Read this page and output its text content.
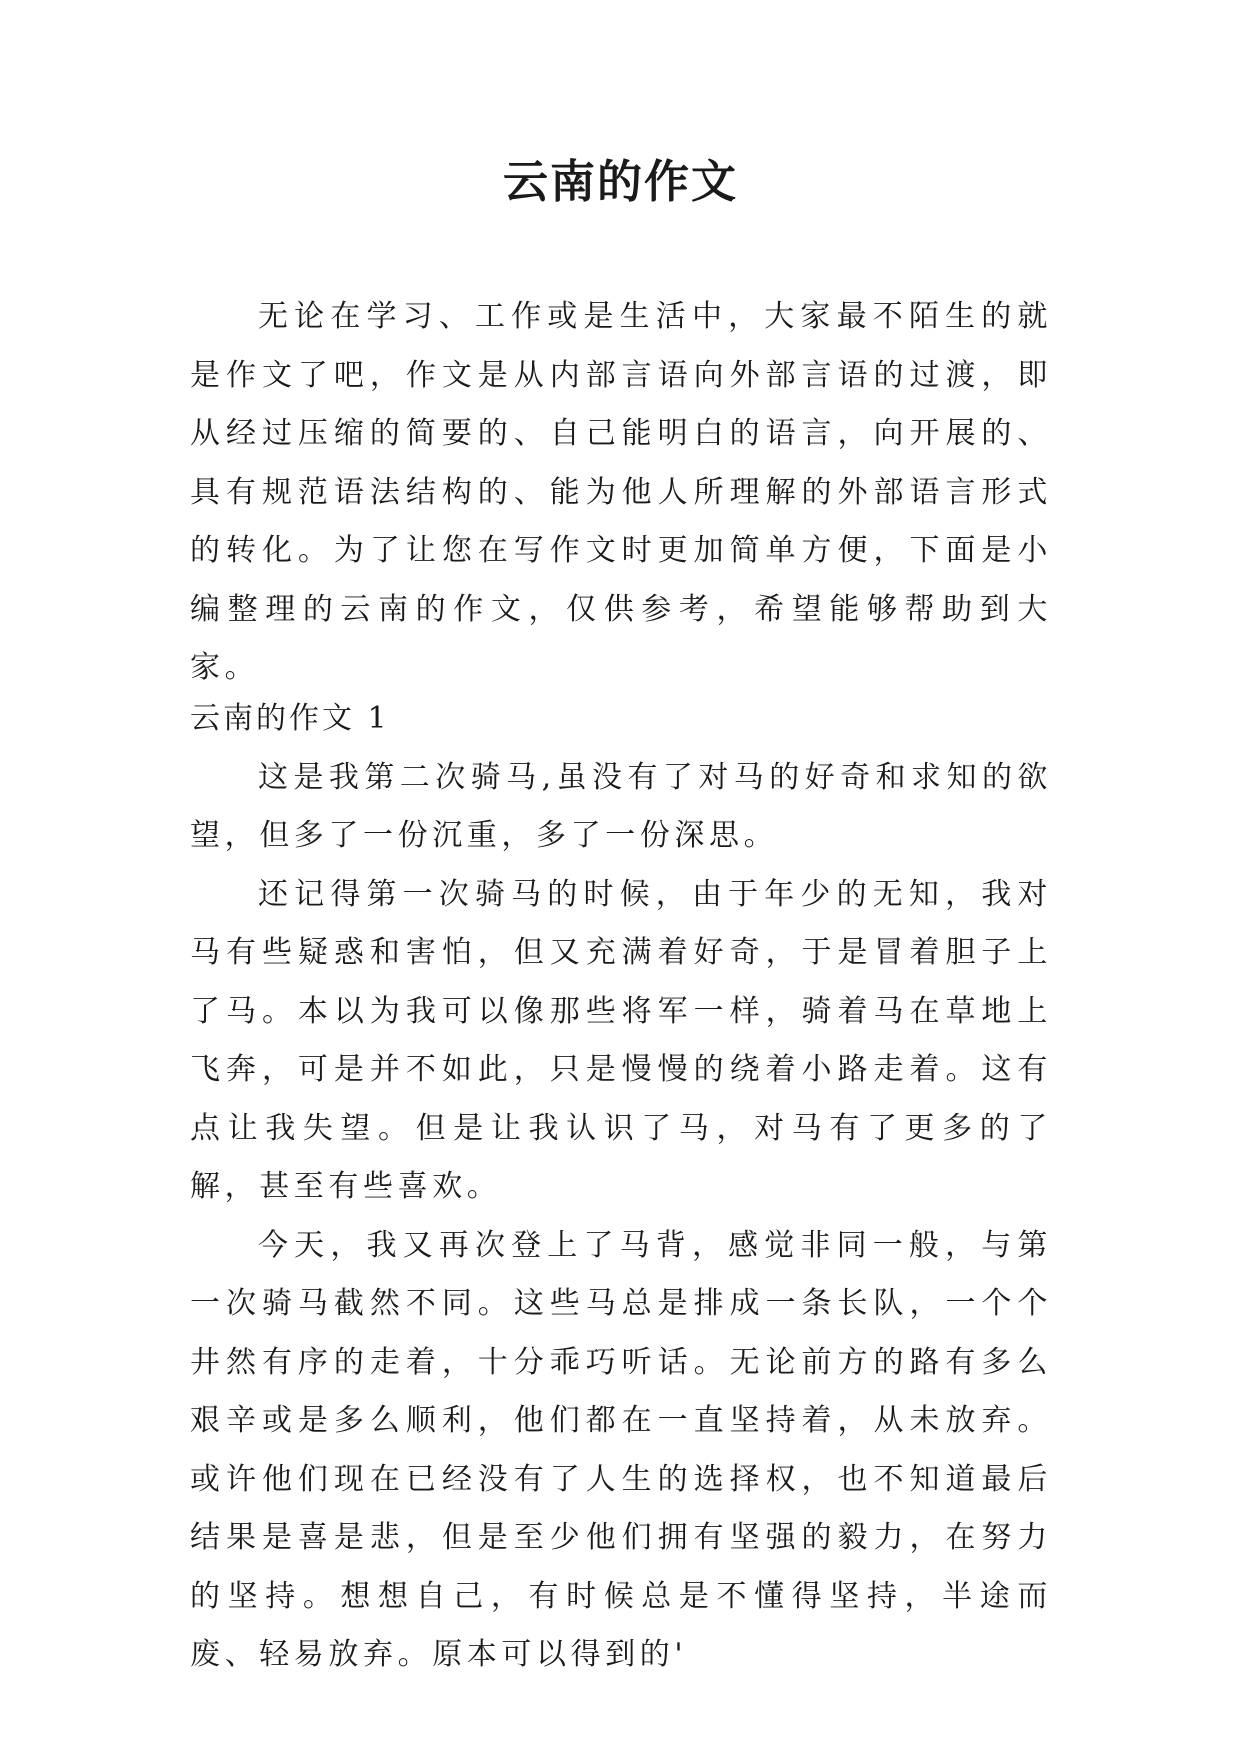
云南的作文

无论在学习、工作或是生活中，大家最不陌生的就是作文了吧，作文是从内部言语向外部言语的过渡，即从经过压缩的简要的、自己能明白的语言，向开展的、具有规范语法结构的、能为他人所理解的外部语言形式的转化。为了让您在写作文时更加简单方便，下面是小编整理的云南的作文，仅供参考，希望能够帮助到大家。

云南的作文 1

这是我第二次骑马,虽没有了对马的好奇和求知的欲望，但多了一份沉重，多了一份深思。

还记得第一次骑马的时候，由于年少的无知，我对马有些疑惑和害怕，但又充满着好奇，于是冒着胆子上了马。本以为我可以像那些将军一样，骑着马在草地上飞奔，可是并不如此，只是慢慢的绕着小路走着。这有点让我失望。但是让我认识了马，对马有了更多的了解，甚至有些喜欢。

今天，我又再次登上了马背，感觉非同一般，与第一次骑马截然不同。这些马总是排成一条长队，一个个井然有序的走着，十分乖巧听话。无论前方的路有多么艰辛或是多么顺利，他们都在一直坚持着，从未放弃。或许他们现在已经没有了人生的选择权，也不知道最后结果是喜是悲，但是至少他们拥有坚强的毅力，在努力的坚持。想想自己，有时候总是不懂得坚持，半途而废、轻易放弃。原本可以得到的'
